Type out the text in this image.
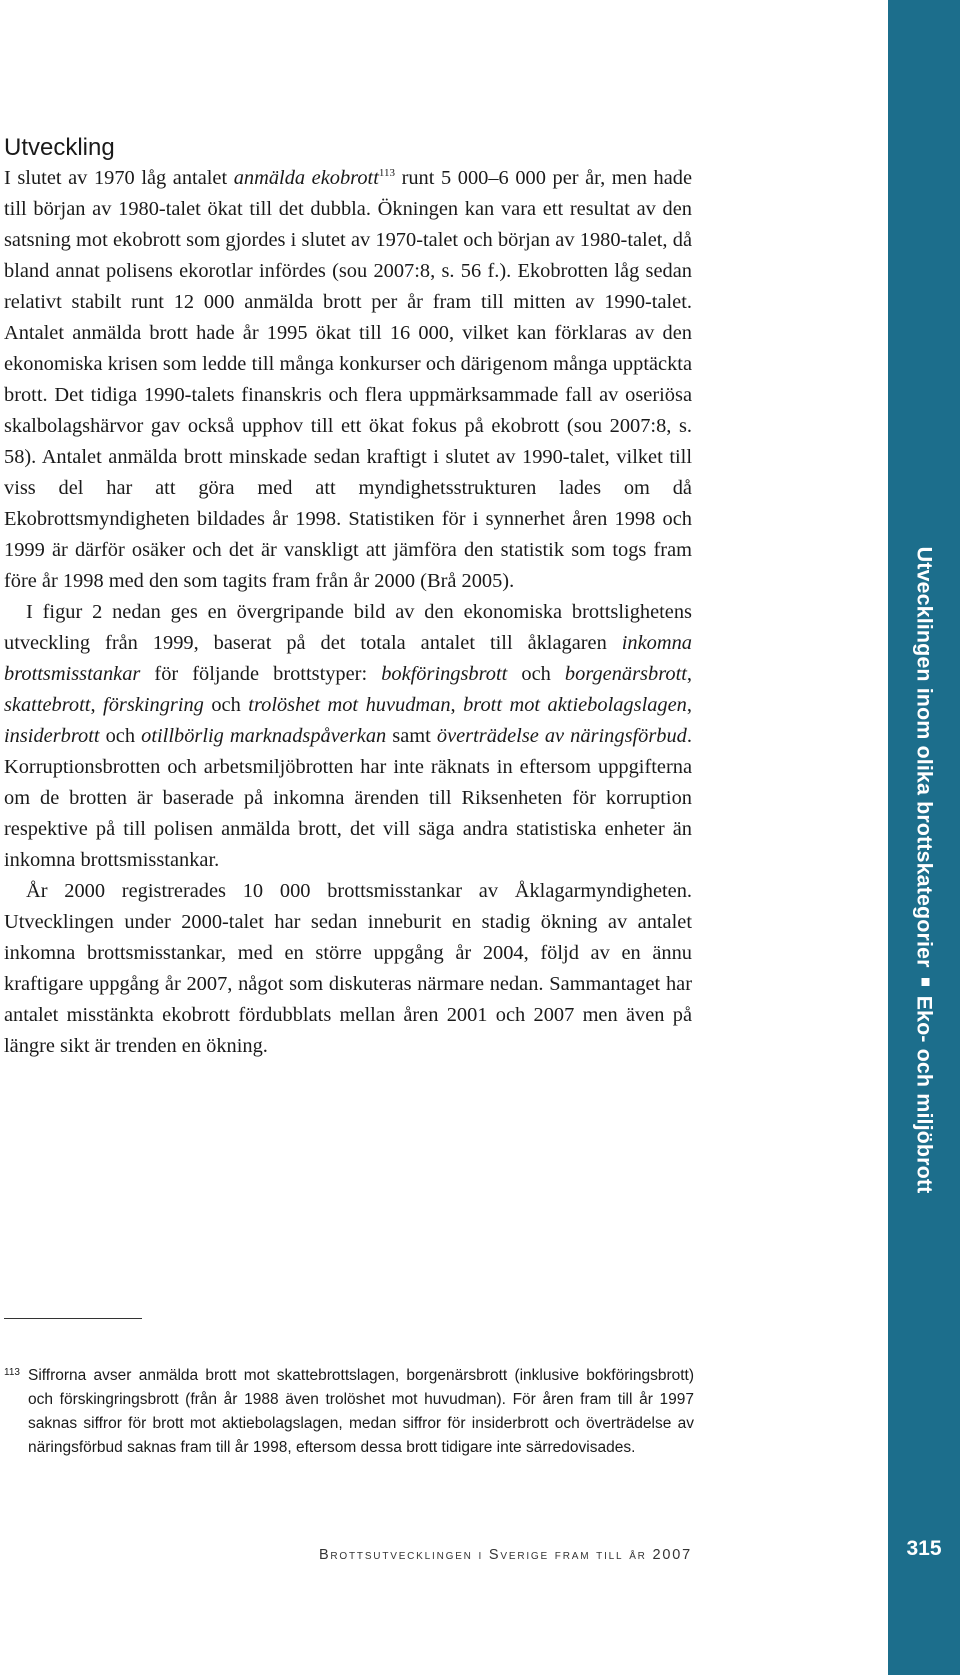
Utvecklingen inom olika brottskategorierEko- och miljöbrott
315
Utveckling

I slutet av 1970 låg antalet anmälda ekobrott$^{113}$ runt 5 000–6 000 per år, men hade till början av 1980-talet ökat till det dubbla. Ökningen kan vara ett resultat av den satsning mot ekobrott som gjordes i slutet av 1970-talet och början av 1980-talet, då bland annat polisens ekorotlar infördes (sou 2007:8, s. 56 f.). Ekobrotten låg sedan relativt stabilt runt 12 000 anmälda brott per år fram till mitten av 1990-talet. Antalet anmälda brott hade år 1995 ökat till 16 000, vilket kan förklaras av den ekonomiska krisen som ledde till många konkurser och därigenom många upptäckta brott. Det tidiga 1990-talets finanskris och flera uppmärksammade fall av oseriösa skalbolagshärvor gav också upphov till ett ökat fokus på ekobrott (sou 2007:8, s. 58). Antalet anmälda brott minskade sedan kraftigt i slutet av 1990-talet, vilket till viss del har att göra med att myndighetsstrukturen lades om då Ekobrottsmyndigheten bildades år 1998. Statistiken för i synnerhet åren 1998 och 1999 är därför osäker och det är vanskligt att jämföra den statistik som togs fram före år 1998 med den som tagits fram från år 2000 (Brå 2005).

I figur 2 nedan ges en övergripande bild av den ekonomiska brottslighetens utveckling från 1999, baserat på det totala antalet till åklagaren inkomna brottsmisstankar för följande brottstyper: bokföringsbrott och borgenärsbrott, skattebrott, förskingring och trolöshet mot huvudman, brott mot aktiebolagslagen, insiderbrott och otillbörlig marknadspåverkan samt överträdelse av näringsförbud. Korruptionsbrotten och arbetsmiljöbrotten har inte räknats in eftersom uppgifterna om de brotten är baserade på inkomna ärenden till Riksenheten för korruption respektive på till polisen anmälda brott, det vill säga andra statistiska enheter än inkomna brottsmisstankar.

År 2000 registrerades 10 000 brottsmisstankar av Åklagarmyndigheten. Utvecklingen under 2000-talet har sedan inneburit en stadig ökning av antalet inkomna brottsmisstankar, med en större uppgång år 2004, följd av en ännu kraftigare uppgång år 2007, något som diskuteras närmare nedan. Sammantaget har antalet misstänkta ekobrott fördubblats mellan åren 2001 och 2007 men även på längre sikt är trenden en ökning.

113 Siffrorna avser anmälda brott mot skattebrottslagen, borgenärsbrott (inklusive bokföringsbrott) och förskingringsbrott (från år 1988 även trolöshet mot huvudman). För åren fram till år 1997 saknas siffror för brott mot aktiebolagslagen, medan siffror för insiderbrott och överträdelse av näringsförbud saknas fram till år 1998, eftersom dessa brott tidigare inte särredovisades.
Brottsutvecklingen i Sverige fram till år 2007
